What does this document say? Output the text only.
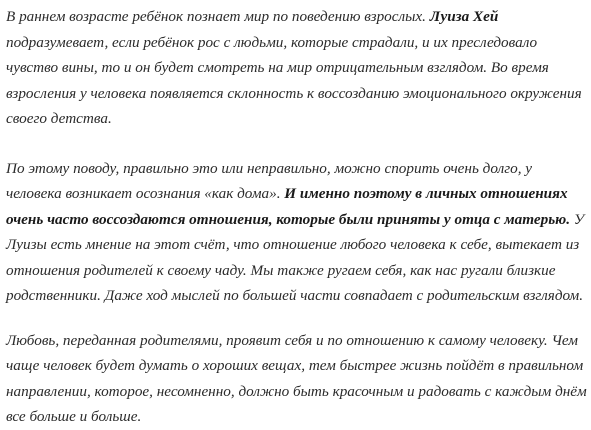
В раннем возрасте ребёнок познает мир по поведению взрослых. Луиза Хей подразумевает, если ребёнок рос с людьми, которые страдали, и их преследовало чувство вины, то и он будет смотреть на мир отрицательным взглядом. Во время взросления у человека появляется склонность к воссозданию эмоционального окружения своего детства.

По этому поводу, правильно это или неправильно, можно спорить очень долго, у человека возникает осознания «как дома». И именно поэтому в личных отношениях очень часто воссоздаются отношения, которые были приняты у отца с матерью. У Луизы есть мнение на этот счёт, что отношение любого человека к себе, вытекает из отношения родителей к своему чаду. Мы также ругаем себя, как нас ругали близкие родственники. Даже ход мыслей по большей части совпадает с родительским взглядом.

Любовь, переданная родителями, проявит себя и по отношению к самому человеку. Чем чаще человек будет думать о хороших вещах, тем быстрее жизнь пойдёт в правильном направлении, которое, несомненно, должно быть красочным и радовать с каждым днём все больше и больше.
